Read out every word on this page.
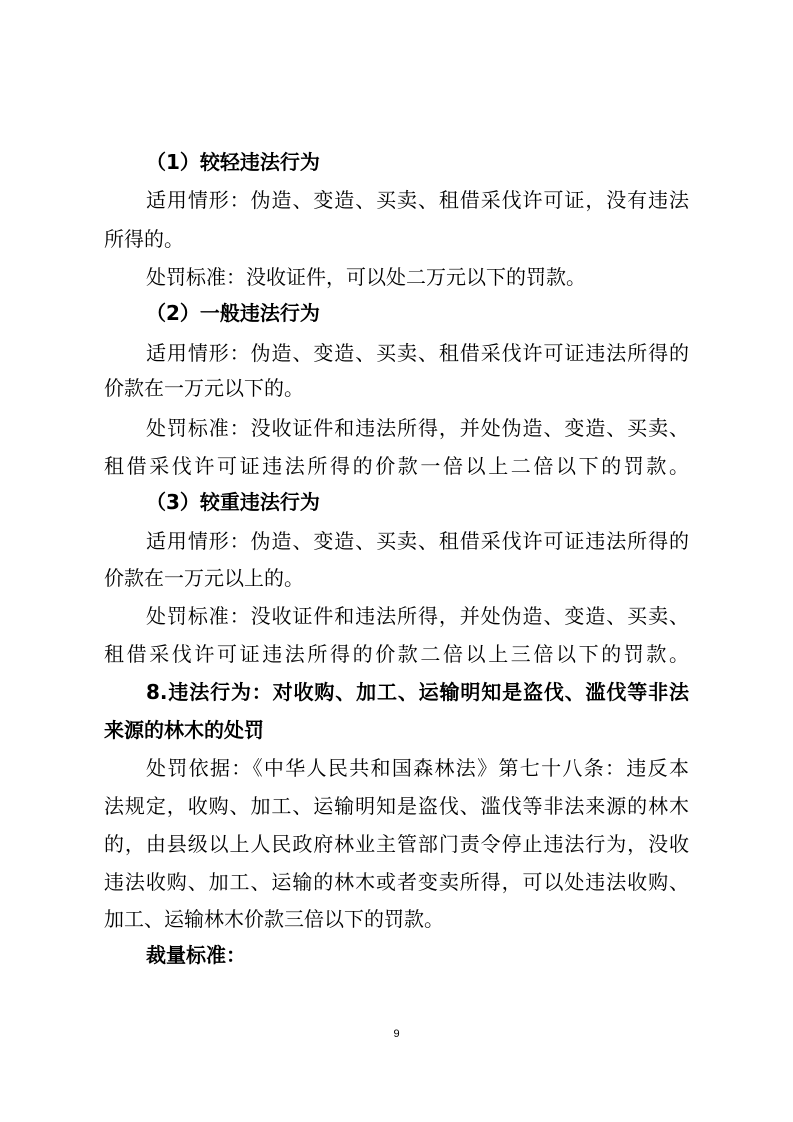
（1）较轻违法行为
适用情形：伪造、变造、买卖、租借采伐许可证，没有违法
所得的。
处罚标准：没收证件，可以处二万元以下的罚款。
（2）一般违法行为
适用情形：伪造、变造、买卖、租借采伐许可证违法所得的
价款在一万元以下的。
处罚标准：没收证件和违法所得，并处伪造、变造、买卖、
租借采伐许可证违法所得的价款一倍以上二倍以下的罚款。
（3）较重违法行为
适用情形：伪造、变造、买卖、租借采伐许可证违法所得的
价款在一万元以上的。
处罚标准：没收证件和违法所得，并处伪造、变造、买卖、
租借采伐许可证违法所得的价款二倍以上三倍以下的罚款。
8.违法行为：对收购、加工、运输明知是盗伐、滥伐等非法
来源的林木的处罚
处罚依据：《中华人民共和国森林法》第七十八条：违反本
法规定，收购、加工、运输明知是盗伐、滥伐等非法来源的林木
的，由县级以上人民政府林业主管部门责令停止违法行为，没收
违法收购、加工、运输的林木或者变卖所得，可以处违法收购、
加工、运输林木价款三倍以下的罚款。
裁量标准：
9
